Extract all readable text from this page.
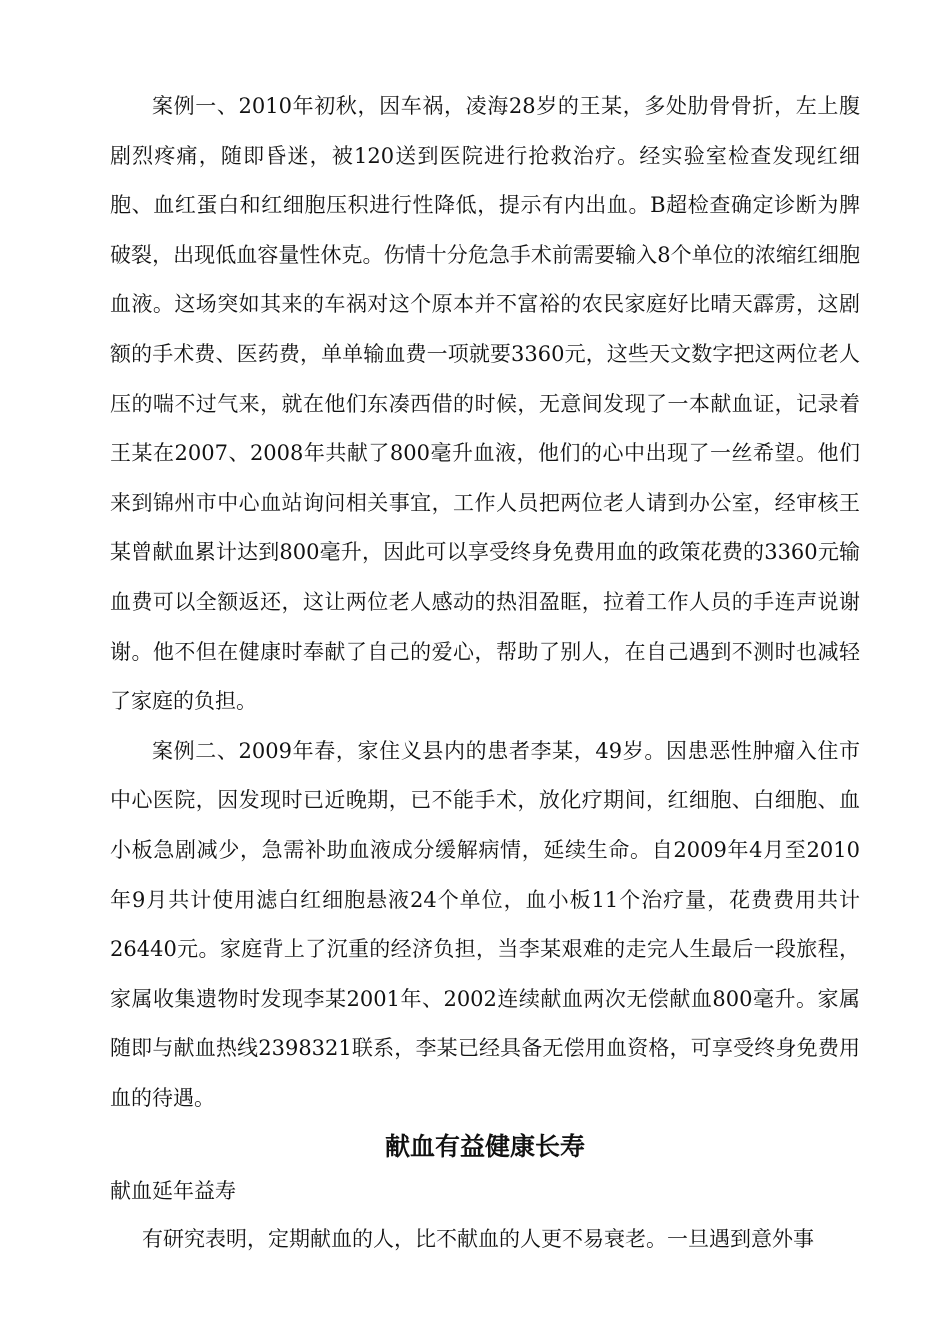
案例一、2010年初秋，因车祸，凌海28岁的王某，多处肋骨骨折，左上腹剧烈疼痛，随即昏迷，被120送到医院进行抢救治疗。经实验室检查发现红细胞、血红蛋白和红细胞压积进行性降低，提示有内出血。B超检查确定诊断为脾破裂，出现低血容量性休克。伤情十分危急手术前需要输入8个单位的浓缩红细胞血液。这场突如其来的车祸对这个原本并不富裕的农民家庭好比晴天霹雳，这剧额的手术费、医药费，单单输血费一项就要3360元，这些天文数字把这两位老人压的喘不过气来，就在他们东凑西借的时候，无意间发现了一本献血证，记录着王某在2007、2008年共献了800毫升血液，他们的心中出现了一丝希望。他们来到锦州市中心血站询问相关事宜，工作人员把两位老人请到办公室，经审核王某曾献血累计达到800毫升，因此可以享受终身免费用血的政策花费的3360元输血费可以全额返还，这让两位老人感动的热泪盈眶，拉着工作人员的手连声说谢谢。他不但在健康时奉献了自己的爱心，帮助了别人，在自己遇到不测时也减轻了家庭的负担。

案例二、2009年春，家住义县内的患者李某，49岁。因患恶性肿瘤入住市中心医院，因发现时已近晚期，已不能手术，放化疗期间，红细胞、白细胞、血小板急剧减少，急需补助血液成分缓解病情，延续生命。自2009年4月至2010年9月共计使用滤白红细胞悬液24个单位，血小板11个治疗量，花费费用共计26440元。家庭背上了沉重的经济负担，当李某艰难的走完人生最后一段旅程，家属收集遗物时发现李某2001年、2002连续献血两次无偿献血800毫升。家属随即与献血热线2398321联系，李某已经具备无偿用血资格，可享受终身免费用血的待遇。

献血有益健康长寿

献血延年益寿

有研究表明，定期献血的人，比不献血的人更不易衰老。一旦遇到意外事
